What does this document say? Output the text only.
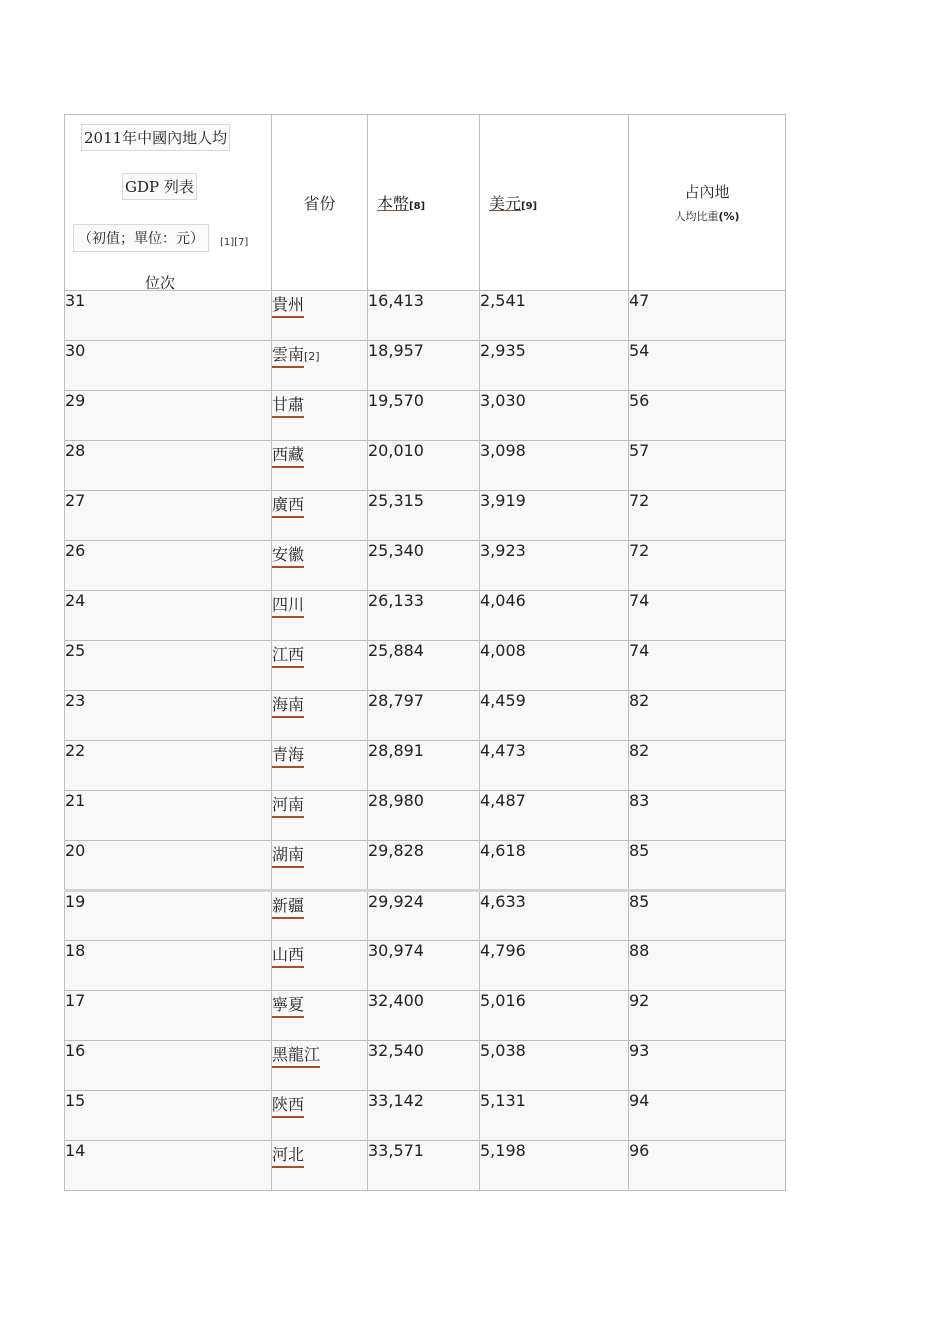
2011年中國內地人均
GDP 列表
（初值；單位：元） [1][7]
位次	省份	本幣[8]	美元[9]	占內地
人均比重(%)

31	貴州	16,413	2,541	47
30	雲南[2]	18,957	2,935	54
29	甘肅	19,570	3,030	56
28	西藏	20,010	3,098	57
27	廣西	25,315	3,919	72
26	安徽	25,340	3,923	72
24	四川	26,133	4,046	74
25	江西	25,884	4,008	74
23	海南	28,797	4,459	82
22	青海	28,891	4,473	82
21	河南	28,980	4,487	83
20	湖南	29,828	4,618	85
19	新疆	29,924	4,633	85
18	山西	30,974	4,796	88
17	寧夏	32,400	5,016	92
16	黑龍江	32,540	5,038	93
15	陝西	33,142	5,131	94
14	河北	33,571	5,198	96
